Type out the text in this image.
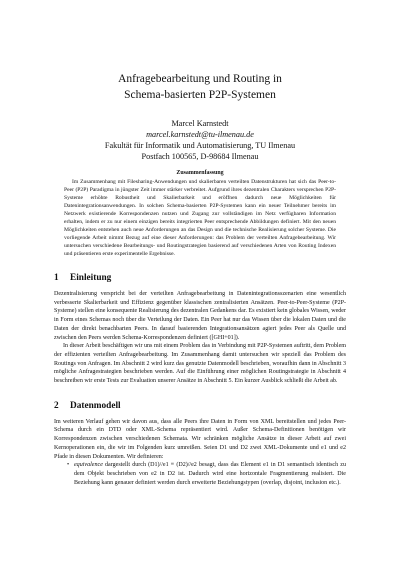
Anfragebearbeitung und Routing in
Schema-basierten P2P-Systemen
Marcel Karnstedt
marcel.karnstedt@tu-ilmenau.de
Fakultät für Informatik und Automatisierung, TU Ilmenau
Postfach 100565, D-98684 Ilmenau
Zusammenfassung

Im Zusammenhang mit Filesharing-Anwendungen und skalierbaren verteilten Datenstrukturen hat sich das Peer-to-Peer (P2P) Paradigma in jüngster Zeit immer stärker verbreitet. Aufgrund ihres dezentralen Charakters versprechen P2P-Systeme erhöhte Robustheit und Skalierbarkeit und eröffnen dadurch neue Möglichkeiten für Datenintegrationsanwendungen. In solchen Schema-basierten P2P-Systemen kann ein neuer Teilnehmer bereits im Netzwerk existierende Korrespondenzen nutzen und Zugang zur vollständigen im Netz verfügbaren Information erhalten, indem er zu nur einem einzigen bereits integrierten Peer entsprechende Abbildungen definiert. Mit den neuen Möglichkeiten entstehen auch neue Anforderungen an das Design und die technische Realisierung solcher Systeme. Die vorliegende Arbeit nimmt Bezug auf eine dieser Anforderungen: das Problem der verteilten Anfragebearbeitung. Wir untersuchen verschiedene Bearbeitungs- und Routingstrategien basierend auf verschiedenen Arten von Routing Indexen und präsentieren erste experimentelle Ergebnisse.

1 Einleitung

Dezentralisierung verspricht bei der verteilten Anfragebearbeitung in Datenintegrationsszenarien eine wesentlich verbesserte Skalierbarkeit und Effizienz gegenüber klassischen zentralisierten Ansätzen. Peer-to-Peer-Systeme (P2P-Systeme) stellen eine konsequente Realisierung des dezentralen Gedankens dar. Es existiert kein globales Wissen, weder in Form eines Schemas noch über die Verteilung der Daten. Ein Peer hat nur das Wissen über die lokalen Daten und die Daten der direkt benachbarten Peers. In darauf basierenden Integrationsansätzen agiert jedes Peer als Quelle und zwischen den Peers werden Schema-Korrespondenzen definiert ([GHI+01]).

In dieser Arbeit beschäftigen wir uns mit einem Problem das in Verbindung mit P2P-Systemen auftritt, dem Problem der effizienten verteilten Anfragebearbeitung. Im Zusammenhang damit untersuchen wir speziell das Problem des Routings von Anfragen. Im Abschnitt 2 wird kurz das genutzte Datenmodell beschrieben, woraufhin dann in Abschnitt 3 mögliche Anfragestrategien beschrieben werden. Auf die Einführung einer möglichen Routingstrategie in Abschnitt 4 beschreiben wir erste Tests zur Evaluation unserer Ansätze in Abschnitt 5. Ein kurzer Ausblick schließt die Arbeit ab.

2 Datenmodell

Im weiteren Verlauf gehen wir davon aus, dass alle Peers ihre Daten in Form von XML bereitstellen und jedes Peer-Schema durch ein DTD oder XML-Schema repräsentiert wird. Außer Schema-Definitionen benötigen wir Korrespondenzen zwischen verschiedenen Schemata. Wir schränken mögliche Ansätze in dieser Arbeit auf zwei Kernoperationen ein, die wir im Folgenden kurz umreißen. Seien D1 und D2 zwei XML-Dokumente und e1 und e2 Pfade in diesen Dokumenten. Wir definieren:

• equivalence dargestellt durch (D1)//e1 ≡ (D2)//e2 besagt, dass das Element e1 in D1 semantisch identisch zu dem Objekt beschrieben von e2 in D2 ist. Dadurch wird eine horizontale Fragmentierung realisiert. Die Beziehung kann genauer definiert werden durch erweiterte Beziehungstypen (overlap, disjoint, inclusion etc.).
